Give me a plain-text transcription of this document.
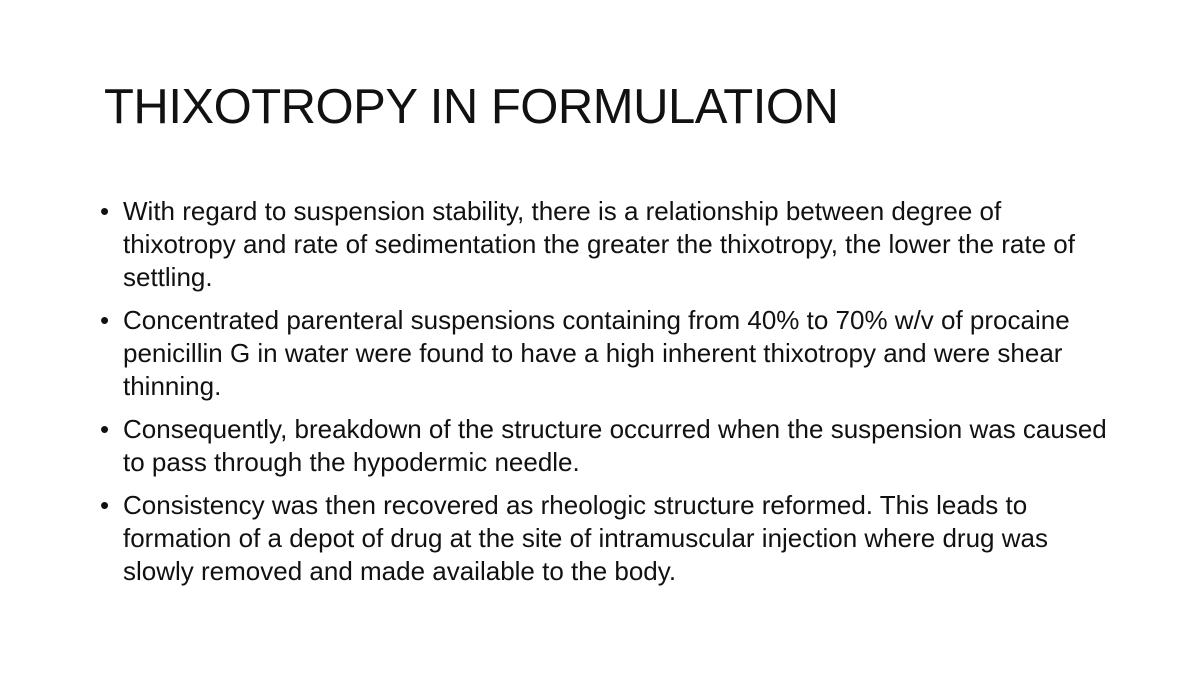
THIXOTROPY IN FORMULATION
• With regard to suspension stability, there is a relationship between degree of thixotropy and rate of sedimentation the greater the thixotropy, the lower the rate of settling.
• Concentrated parenteral suspensions containing from 40% to 70% w/v of procaine penicillin G in water were found to have a high inherent thixotropy and were shear thinning.
• Consequently, breakdown of the structure occurred when the suspension was caused to pass through the hypodermic needle.
• Consistency was then recovered as rheologic structure reformed. This leads to formation of a depot of drug at the site of intramuscular injection where drug was slowly removed and made available to the body.
